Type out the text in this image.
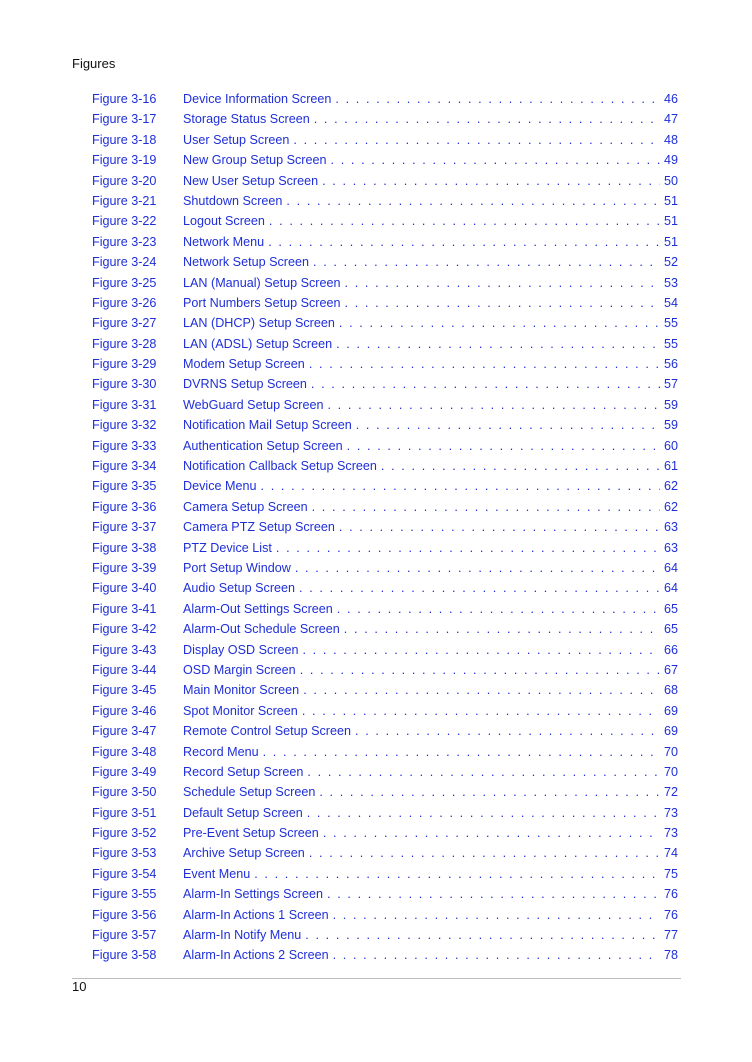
Figures
Figure 3-16	Device Information Screen . . .	46
Figure 3-17	Storage Status Screen . . .	47
Figure 3-18	User Setup Screen . . .	48
Figure 3-19	New Group Setup Screen . . .	49
Figure 3-20	New User Setup Screen . . .	50
Figure 3-21	Shutdown Screen . . .	51
Figure 3-22	Logout Screen . . .	51
Figure 3-23	Network Menu . . .	51
Figure 3-24	Network Setup Screen . . .	52
Figure 3-25	LAN (Manual) Setup Screen . . .	53
Figure 3-26	Port Numbers Setup Screen . . .	54
Figure 3-27	LAN (DHCP) Setup Screen . . .	55
Figure 3-28	LAN (ADSL) Setup Screen . . .	55
Figure 3-29	Modem Setup Screen . . .	56
Figure 3-30	DVRNS Setup Screen . . .	57
Figure 3-31	WebGuard Setup Screen . . .	59
Figure 3-32	Notification Mail Setup Screen . . .	59
Figure 3-33	Authentication Setup Screen . . .	60
Figure 3-34	Notification Callback Setup Screen . . .	61
Figure 3-35	Device Menu . . .	62
Figure 3-36	Camera Setup Screen . . .	62
Figure 3-37	Camera PTZ Setup Screen . . .	63
Figure 3-38	PTZ Device List . . .	63
Figure 3-39	Port Setup Window . . .	64
Figure 3-40	Audio Setup Screen . . .	64
Figure 3-41	Alarm-Out Settings Screen . . .	65
Figure 3-42	Alarm-Out Schedule Screen . . .	65
Figure 3-43	Display OSD Screen . . .	66
Figure 3-44	OSD Margin Screen . . .	67
Figure 3-45	Main Monitor Screen . . .	68
Figure 3-46	Spot Monitor Screen . . .	69
Figure 3-47	Remote Control Setup Screen . . .	69
Figure 3-48	Record Menu . . .	70
Figure 3-49	Record Setup Screen . . .	70
Figure 3-50	Schedule Setup Screen . . .	72
Figure 3-51	Default Setup Screen . . .	73
Figure 3-52	Pre-Event Setup Screen . . .	73
Figure 3-53	Archive Setup Screen . . .	74
Figure 3-54	Event Menu . . .	75
Figure 3-55	Alarm-In Settings Screen . . .	76
Figure 3-56	Alarm-In Actions 1 Screen . . .	76
Figure 3-57	Alarm-In Notify Menu . . .	77
Figure 3-58	Alarm-In Actions 2 Screen . . .	78
10
